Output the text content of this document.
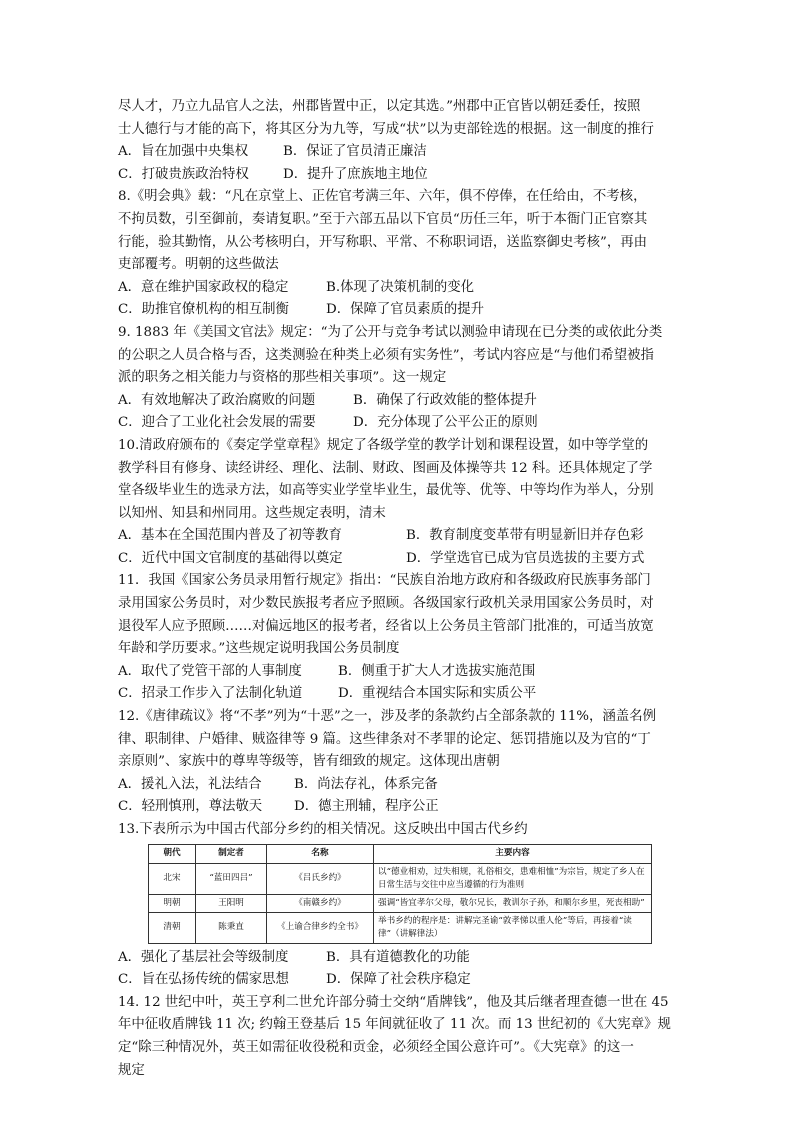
尽人才，乃立九品官人之法，州郡皆置中正，以定其选。”州郡中正官皆以朝廷委任，按照
士人德行与才能的高下，将其区分为九等，写成“状”以为吏部铨选的根据。这一制度的推行
A．旨在加强中央集权	B．保证了官员清正廉洁
C．打破贵族政治特权	D．提升了庶族地主地位
8.《明会典》载：“凡在京堂上、正佐官考满三年、六年，俱不停俸，在任给由，不考核，
不拘员数，引至御前，奏请复职。”至于六部五品以下官员“历任三年，听于本衙门正官察其
行能，验其勤惰，从公考核明白，开写称职、平常、不称职词语，送监察御史考核”，再由
吏部覆考。明朝的这些做法
A．意在维护国家政权的稳定	B.体现了决策机制的变化
C．助推官僚机构的相互制衡	D．保障了官员素质的提升
9. 1883 年《美国文官法》规定：“为了公开与竞争考试以测验申请现在已分类的或依此分类
的公职之人员合格与否，这类测验在种类上必须有实务性”，考试内容应是“与他们希望被指
派的职务之相关能力与资格的那些相关事项”。这一规定
A．有效地解决了政治腐败的问题	B．确保了行政效能的整体提升
C．迎合了工业化社会发展的需要	D．充分体现了公平公正的原则
10.清政府颁布的《奏定学堂章程》规定了各级学堂的教学计划和课程设置，如中等学堂的
教学科目有修身、读经讲经、理化、法制、财政、图画及体操等共 12 科。还具体规定了学
堂各级毕业生的选录方法，如高等实业学堂毕业生，最优等、优等、中等均作为举人，分别
以知州、知县和州同用。这些规定表明，清末
A．基本在全国范围内普及了初等教育	B．教育制度变革带有明显新旧并存色彩
C．近代中国文官制度的基础得以奠定	D．学堂选官已成为官员选拔的主要方式
11．我国《国家公务员录用暂行规定》指出：“民族自治地方政府和各级政府民族事务部门
录用国家公务员时，对少数民族报考者应予照顾。各级国家行政机关录用国家公务员时，对
退役军人应予照顾……对偏远地区的报考者，经省以上公务员主管部门批准的，可适当放宽
年龄和学历要求。”这些规定说明我国公务员制度
A．取代了党管干部的人事制度	B．侧重于扩大人才选拔实施范围
C．招录工作步入了法制化轨道	D．重视结合本国实际和实质公平
12.《唐律疏议》将“不孝”列为“十恶”之一，涉及孝的条款约占全部条款的 11%，涵盖名例
律、职制律、户婚律、贼盗律等 9 篇。这些律条对不孝罪的论定、惩罚措施以及为官的“丁
亲原则”、家族中的尊卑等级等，皆有细致的规定。这体现出唐朝
A．援礼入法，礼法结合	B．尚法存礼，体系完备
C．轻刑慎刑，尊法敬天	D．德主刑辅，程序公正
13.下表所示为中国古代部分乡约的相关情况。这反映出中国古代乡约
朝代	制定者	名称	主要内容
北宋	“蓝田四吕”	《吕氏乡约》	以“德业相劝，过失相规，礼俗相交，患难相恤”为宗旨，规定了乡人在日常生活与交往中应当遵循的行为准则
明朝	王阳明	《南赣乡约》	强调“皆宜孝尔父母，敬尔兄长，教训尔子孙，和顺尔乡里，死丧相助”
清朝	陈秉直	《上谕合律乡约全书》	举书乡约的程序是：讲解完圣谕“敦孝悌以重人伦”等后，再接着“读律”（讲解律法）
A．强化了基层社会等级制度	B．具有道德教化的功能
C．旨在弘扬传统的儒家思想	D．保障了社会秩序稳定
14. 12 世纪中叶，英王亨利二世允许部分骑士交纳“盾牌钱”，他及其后继者理查德一世在 45
年中征收盾牌钱 11 次; 约翰王登基后 15 年间就征收了 11 次。而 13 世纪初的《大宪章》规
定“除三种情况外，英王如需征收役税和贡金，必须经全国公意许可”。《大宪章》的这一
规定
